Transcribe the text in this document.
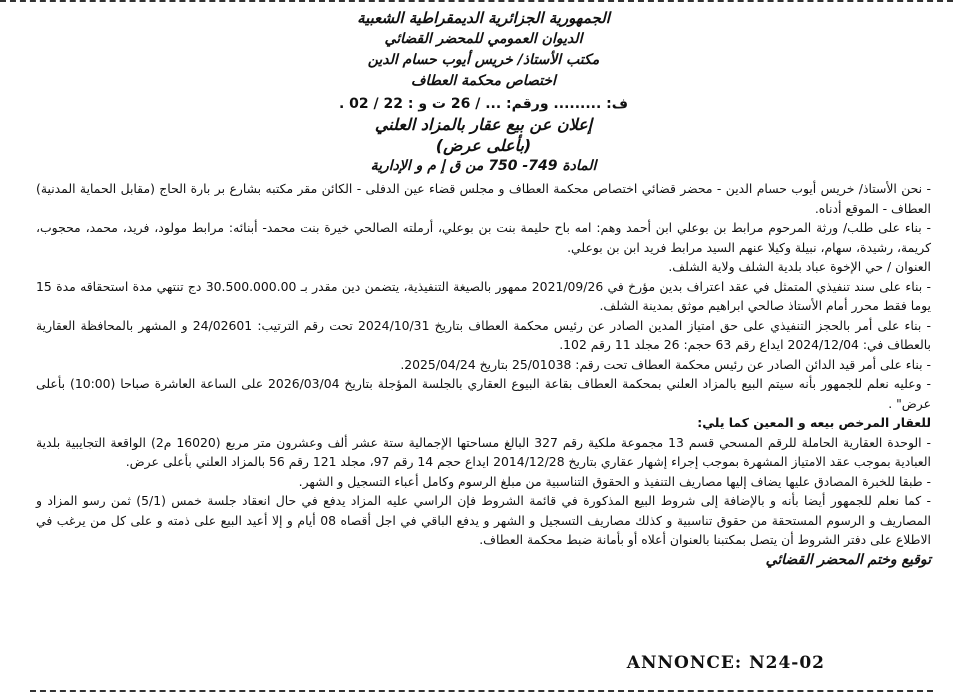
الجمهورية الجزائرية الديمقراطية الشعبية

الديوان العمومي للمحضر القضائي

مكتب الأستاذ/ خريس أيوب حسام الدين

اختصاص محكمة العطاف

ف: ......... ورقم: ... / 26 ت و : 22 / 02 .
إعلان عن بيع عقار بالمزاد العلني
(بأعلى عرض)
المادة 749- 750 من ق إ م و الإدارية

- نحن الأستاذ/ خريس أيوب حسام الدين - محضر قضائي اختصاص محكمة العطاف و مجلس قضاء عين الدفلى - الكائن مقر مكتبه بشارع بر بارة الحاج (مقابل الحماية المدنية) العطاف - الموقع أدناه.

- بناء على طلب/ ورثة المرحوم مرابط بن بوعلي ابن أحمد وهم: امه باح حليمة بنت بن بوعلي، أرملته الصالحي خيرة بنت محمد- أبنائه: مرابط مولود، فريد، محمد، محجوب، كريمة، رشيدة، سهام، نبيلة وكيلا عنهم السيد مرابط فريد ابن بن بوعلي.

العنوان / حي الإخوة عباد بلدية الشلف ولاية الشلف.

- بناء على سند تنفيذي المتمثل في عقد اعتراف بدين مؤرخ في 2021/09/26 ممهور بالصيغة التنفيذية، يتضمن دين مقدر بـ 30.500.000.00 دج تنتهي مدة استحقاقه مدة 15 يوما فقط محرر أمام الأستاذ صالحي ابراهيم موثق بمدينة الشلف.

- بناء على أمر بالحجز التنفيذي على حق امتياز المدين الصادر عن رئيس محكمة العطاف بتاريخ 2024/10/31 تحت رقم الترتيب: 24/02601 و المشهر بالمحافظة العقارية بالعطاف في: 2024/12/04 ايداع رقم 63 حجم: 26 مجلد 11 رقم 102.

- بناء على أمر قيد الدائن الصادر عن رئيس محكمة العطاف تحت رقم: 25/01038 بتاريخ 2025/04/24.

- وعليه نعلم للجمهور بأنه سيتم البيع بالمزاد العلني بمحكمة العطاف بقاعة البيوع العقاري بالجلسة المؤجلة بتاريخ 2026/03/04 على الساعة العاشرة صباحا (10:00) بأعلى عرض" .

للعقار المرخص بيعه و المعين كما يلي:

- الوحدة العقارية الحاملة للرقم المسحي قسم 13 مجموعة ملكية رقم 327 البالغ مساحتها الإجمالية ستة عشر ألف وعشرون متر مربع (16020 م2) الواقعة التجايبية بلدية العبادية بموجب عقد الامتياز المشهرة بموجب إجراء إشهار عقاري بتاريخ 2014/12/28 ايداع حجم 14 رقم 97، مجلد 121 رقم 56 بالمزاد العلني بأعلى عرض.

- طبقا للخبرة المصادق عليها يضاف إليها مصاريف التنفيذ و الحقوق التناسبية من مبلغ الرسوم وكامل أعباء التسجيل و الشهر.

- كما نعلم للجمهور أيضا بأنه و بالإضافة إلى شروط البيع المذكورة في قائمة الشروط فإن الراسي عليه المزاد يدفع في حال انعقاد جلسة خمس (5/1) ثمن رسو المزاد و المصاريف و الرسوم المستحقة من حقوق تناسبية و كذلك مصاريف التسجيل و الشهر و يدفع الباقي في اجل أقصاه 08 أيام و إلا أعيد البيع على ذمته و على كل من يرغب في الاطلاع على دفتر الشروط أن يتصل بمكتبنا بالعنوان أعلاه أو بأمانة ضبط محكمة العطاف.

توقيع وختم المحضر القضائي
ANNONCE: N24-02
